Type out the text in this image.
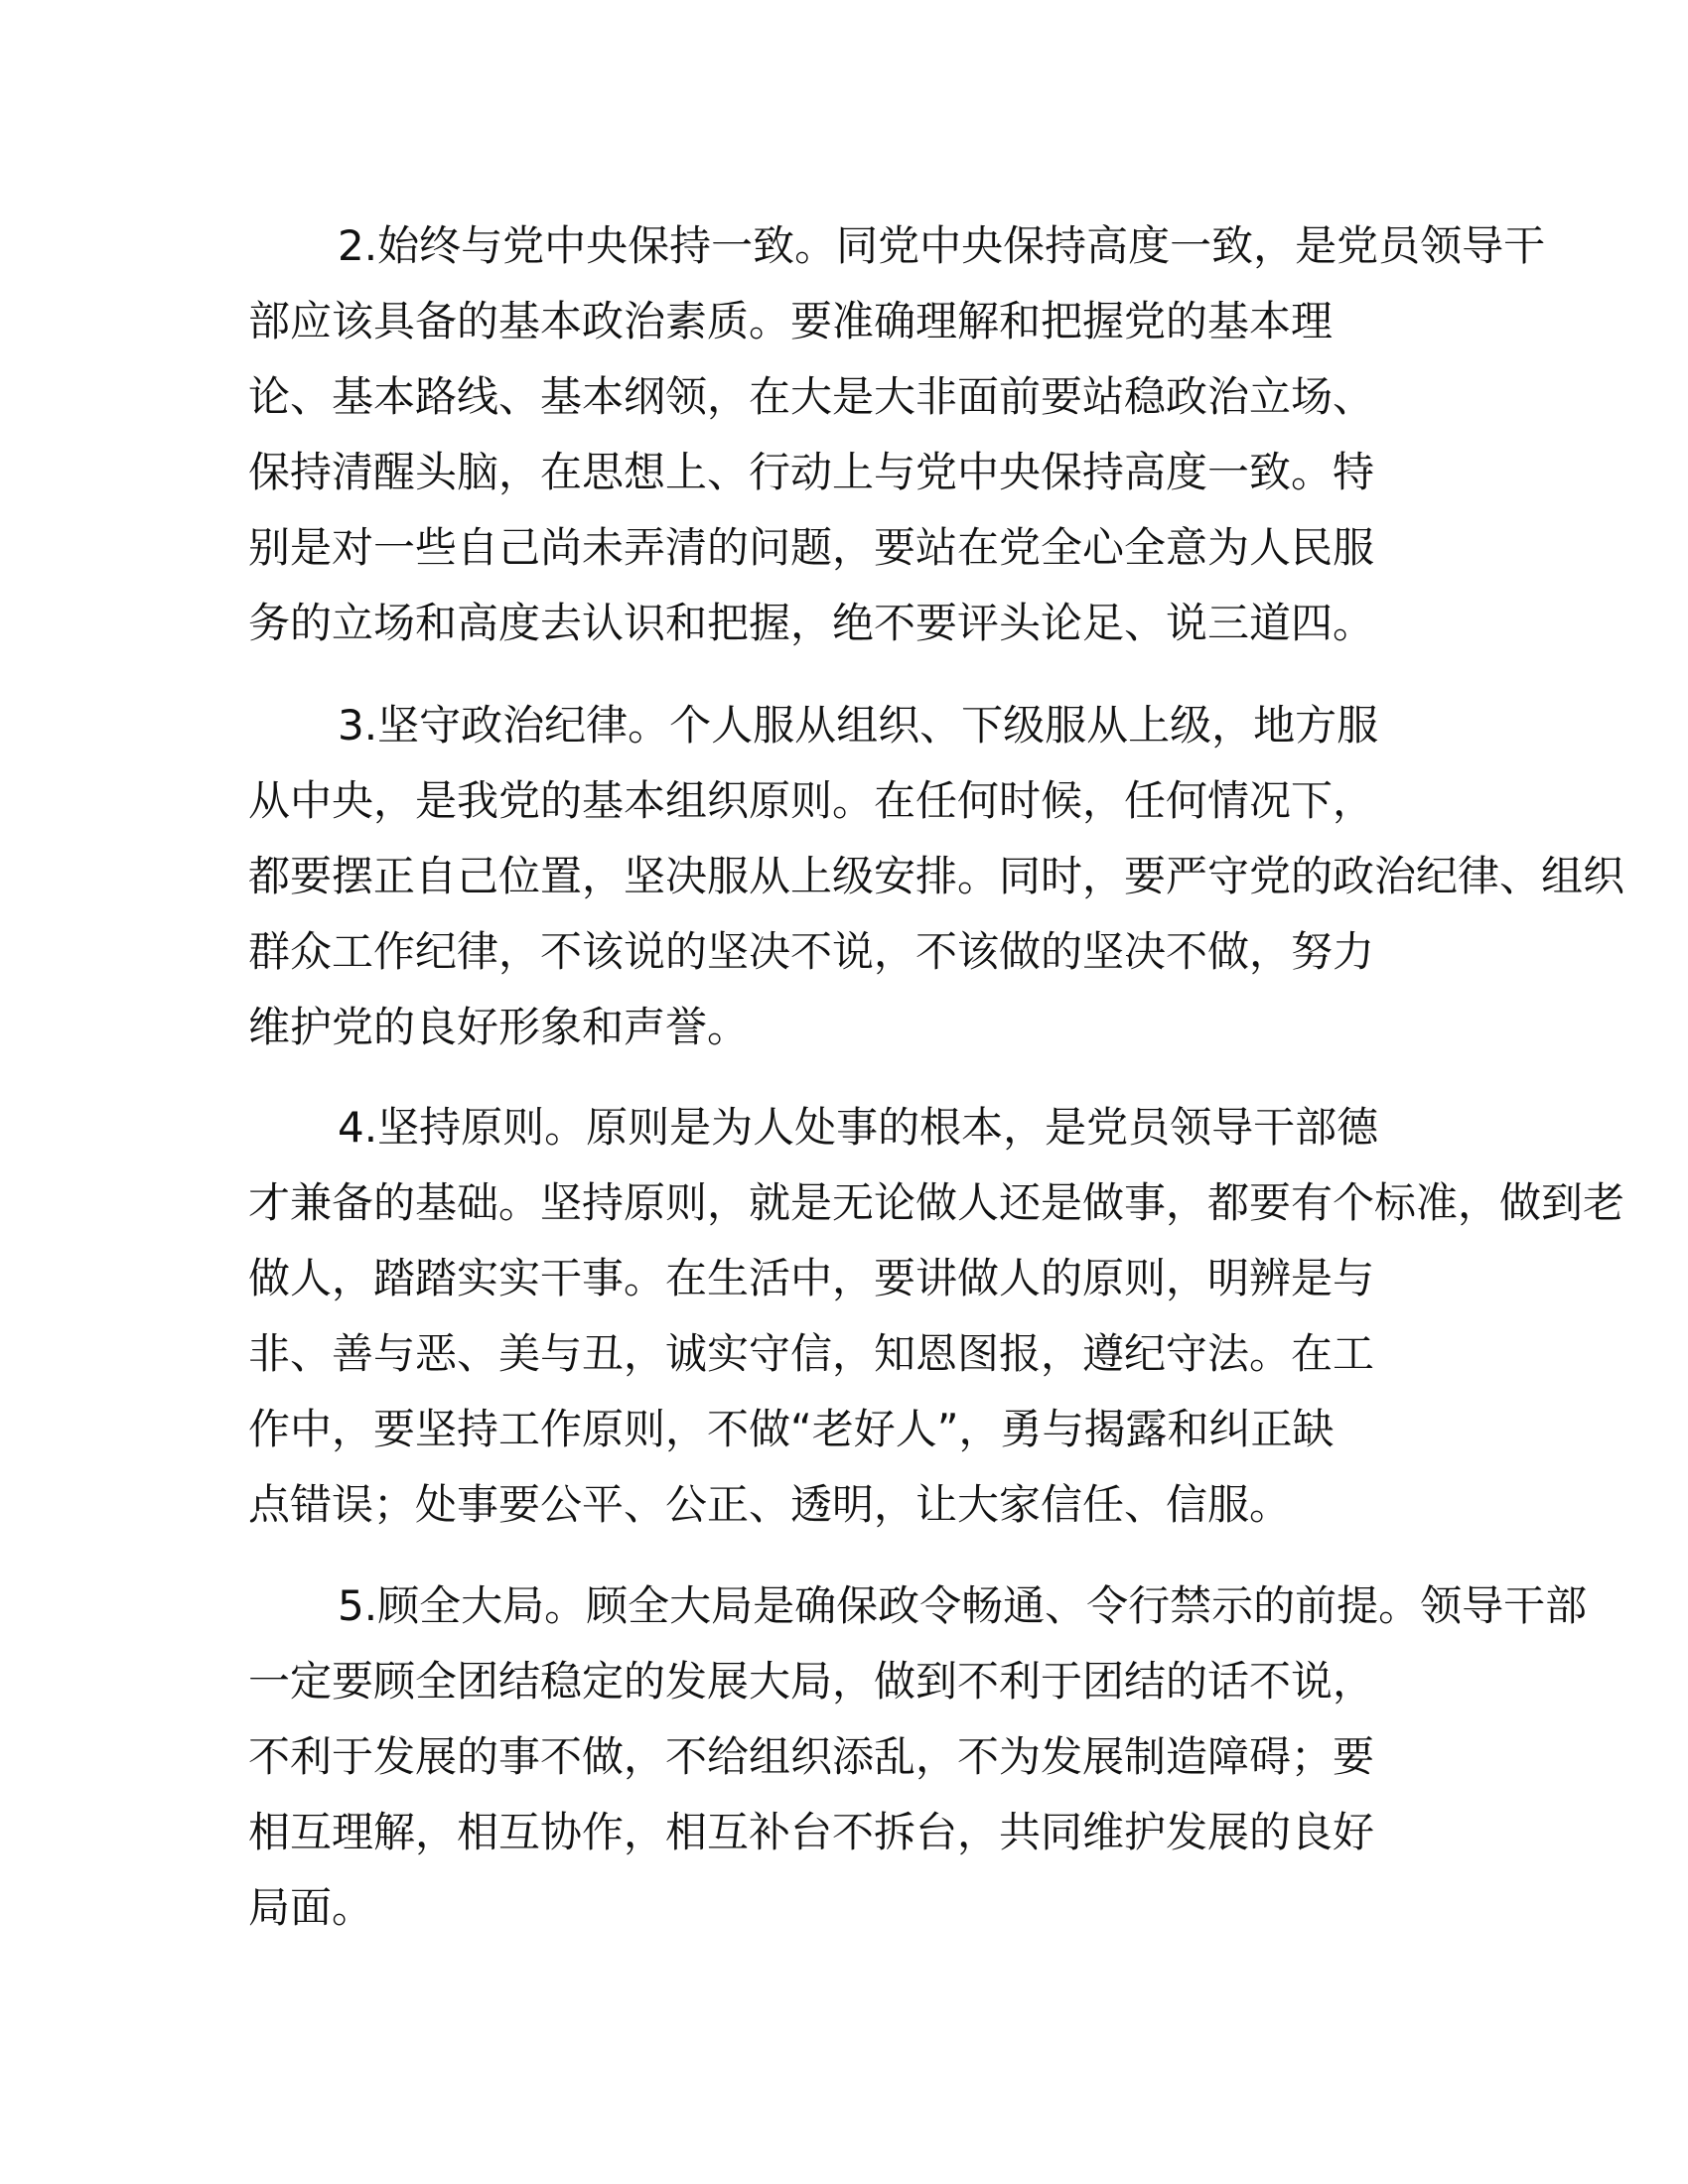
2.始终与党中央保持一致。同党中央保持高度一致，是党员领导干
部应该具备的基本政治素质。要准确理解和把握党的基本理
论、基本路线、基本纲领，在大是大非面前要站稳政治立场、
保持清醒头脑，在思想上、行动上与党中央保持高度一致。特
别是对一些自己尚未弄清的问题，要站在党全心全意为人民服
务的立场和高度去认识和把握，绝不要评头论足、说三道四。
3.坚守政治纪律。个人服从组织、下级服从上级，地方服
从中央，是我党的基本组织原则。在任何时候，任何情况下，
都要摆正自己位置，坚决服从上级安排。同时，要严守党的政治纪律、组织
群众工作纪律，不该说的坚决不说，不该做的坚决不做，努力
维护党的良好形象和声誉。
4.坚持原则。原则是为人处事的根本，是党员领导干部德
才兼备的基础。坚持原则，就是无论做人还是做事，都要有个标准，做到老
做人，踏踏实实干事。在生活中，要讲做人的原则，明辨是与
非、善与恶、美与丑，诚实守信，知恩图报，遵纪守法。在工
作中，要坚持工作原则，不做“老好人”，勇与揭露和纠正缺
点错误；处事要公平、公正、透明，让大家信任、信服。
5.顾全大局。顾全大局是确保政令畅通、令行禁示的前提。领导干部
一定要顾全团结稳定的发展大局，做到不利于团结的话不说，
不利于发展的事不做，不给组织添乱，不为发展制造障碍；要
相互理解，相互协作，相互补台不拆台，共同维护发展的良好
局面。
